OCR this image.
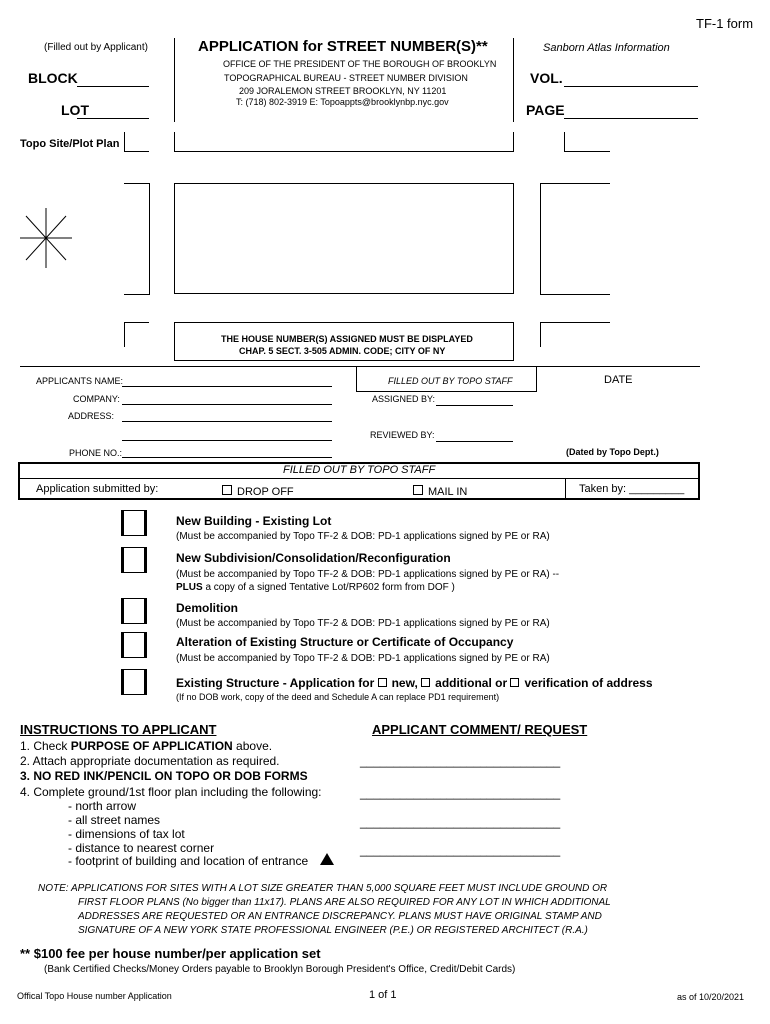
TF-1 form
(Filled out by Applicant)
BLOCK
LOT
APPLICATION for STREET NUMBER(S)**
OFFICE OF THE PRESIDENT OF THE BOROUGH OF BROOKLYN
TOPOGRAPHICAL BUREAU - STREET NUMBER DIVISION
209 JORALEMON STREET BROOKLYN, NY 11201
T: (718) 802-3919 E: Topoappts@brooklynbp.nyc.gov
Sanborn Atlas Information
VOL.
PAGE
Topo Site/Plot Plan
THE HOUSE NUMBER(S) ASSIGNED MUST BE DISPLAYED
CHAP. 5 SECT. 3-505 ADMIN. CODE; CITY OF NY
APPLICANTS NAME:
COMPANY:
ADDRESS:
PHONE NO.:
FILLED OUT BY TOPO STAFF	DATE
ASSIGNED BY:
REVIEWED BY:
(Dated by Topo Dept.)
FILLED OUT BY TOPO STAFF
Application submitted by:	DROP OFF	MAIL IN	Taken by: _________
New Building - Existing Lot
(Must be accompanied by Topo TF-2 & DOB: PD-1 applications signed by PE or RA)
New Subdivision/Consolidation/Reconfiguration
(Must be accompanied by Topo TF-2 & DOB: PD-1 applications signed by PE or RA) --
PLUS a copy of a signed Tentative Lot/RP602 form from DOF )
Demolition
(Must be accompanied by Topo TF-2 & DOB: PD-1 applications signed by PE or RA)
Alteration of Existing Structure or Certificate of Occupancy
(Must be accompanied by Topo TF-2 & DOB: PD-1 applications signed by PE or RA)
Existing Structure - Application for new, additional or verification of address
(If no DOB work, copy of the deed and Schedule A can replace PD1 requirement)
INSTRUCTIONS TO APPLICANT
1. Check PURPOSE OF APPLICATION above.
2. Attach appropriate documentation as required.
3. NO RED INK/PENCIL ON TOPO OR DOB FORMS
4. Complete ground/1st floor plan including the following:
- north arrow
- all street names
- dimensions of tax lot
- distance to nearest corner
- footprint of building and location of entrance
APPLICANT COMMENT/ REQUEST
______________________________
______________________________
______________________________
______________________________
NOTE: APPLICATIONS FOR SITES WITH A LOT SIZE GREATER THAN 5,000 SQUARE FEET MUST INCLUDE GROUND OR
FIRST FLOOR PLANS (No bigger than 11x17). PLANS ARE ALSO REQUIRED FOR ANY LOT IN WHICH ADDITIONAL
ADDRESSES ARE REQUESTED OR AN ENTRANCE DISCREPANCY. PLANS MUST HAVE ORIGINAL STAMP AND
SIGNATURE OF A NEW YORK STATE PROFESSIONAL ENGINEER (P.E.) OR REGISTERED ARCHITECT (R.A.)
** $100 fee per house number/per application set
(Bank Certified Checks/Money Orders payable to Brooklyn Borough President's Office, Credit/Debit Cards)
Offical Topo House number Application	1 of 1	as of 10/20/2021
